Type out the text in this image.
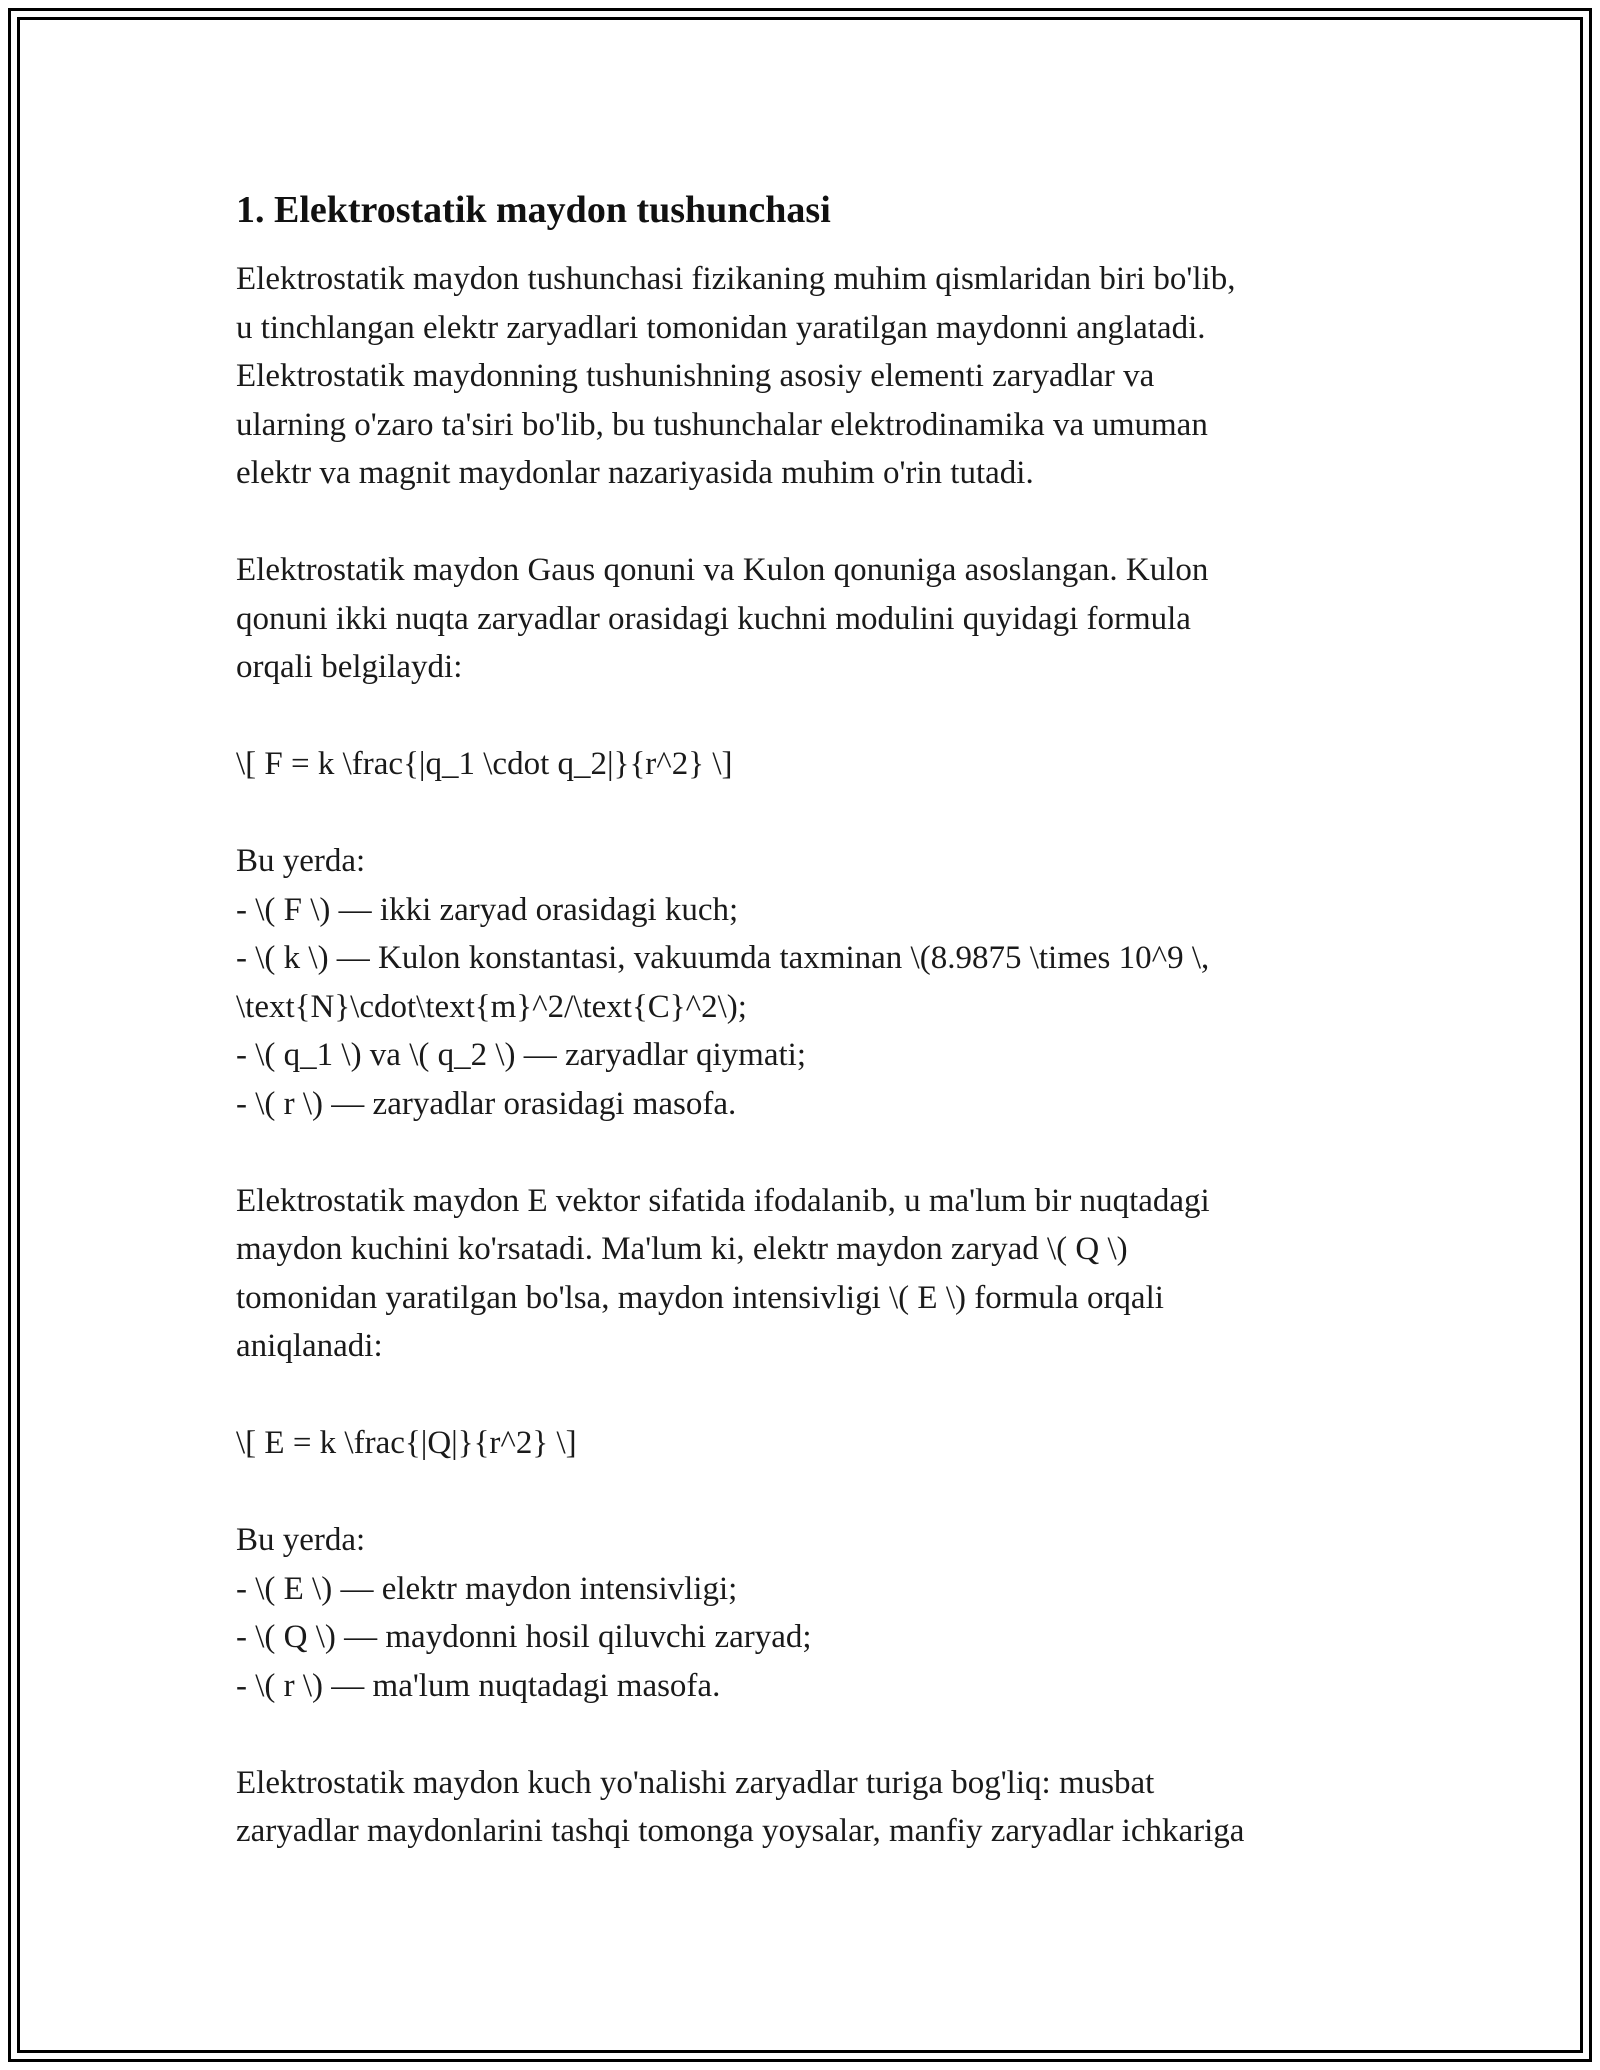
1. Elektrostatik maydon tushunchasi
Elektrostatik maydon tushunchasi fizikaning muhim qismlaridan biri bo'lib,
u tinchlangan elektr zaryadlari tomonidan yaratilgan maydonni anglatadi.
Elektrostatik maydonning tushunishning asosiy elementi zaryadlar va
ularning o'zaro ta'siri bo'lib, bu tushunchalar elektrodinamika va umuman
elektr va magnit maydonlar nazariyasida muhim o'rin tutadi.
Elektrostatik maydon Gaus qonuni va Kulon qonuniga asoslangan. Kulon
qonuni ikki nuqta zaryadlar orasidagi kuchni modulini quyidagi formula
orqali belgilaydi:
\[ F = k \frac{|q_1 \cdot q_2|}{r^2} \]
Bu yerda:
- \( F \) — ikki zaryad orasidagi kuch;
- \( k \) — Kulon konstantasi, vakuumda taxminan \(8.9875 \times 10^9 \,
\text{N}\cdot\text{m}^2/\text{C}^2\);
- \( q_1 \) va \( q_2 \) — zaryadlar qiymati;
- \( r \) — zaryadlar orasidagi masofa.
Elektrostatik maydon E vektor sifatida ifodalanib, u ma'lum bir nuqtadagi
maydon kuchini ko'rsatadi. Ma'lum ki, elektr maydon zaryad \( Q \)
tomonidan yaratilgan bo'lsa, maydon intensivligi \( E \) formula orqali
aniqlanadi:
\[ E = k \frac{|Q|}{r^2} \]
Bu yerda:
- \( E \) — elektr maydon intensivligi;
- \( Q \) — maydonni hosil qiluvchi zaryad;
- \( r \) — ma'lum nuqtadagi masofa.
Elektrostatik maydon kuch yo'nalishi zaryadlar turiga bog'liq: musbat
zaryadlar maydonlarini tashqi tomonga yoysalar, manfiy zaryadlar ichkariga
